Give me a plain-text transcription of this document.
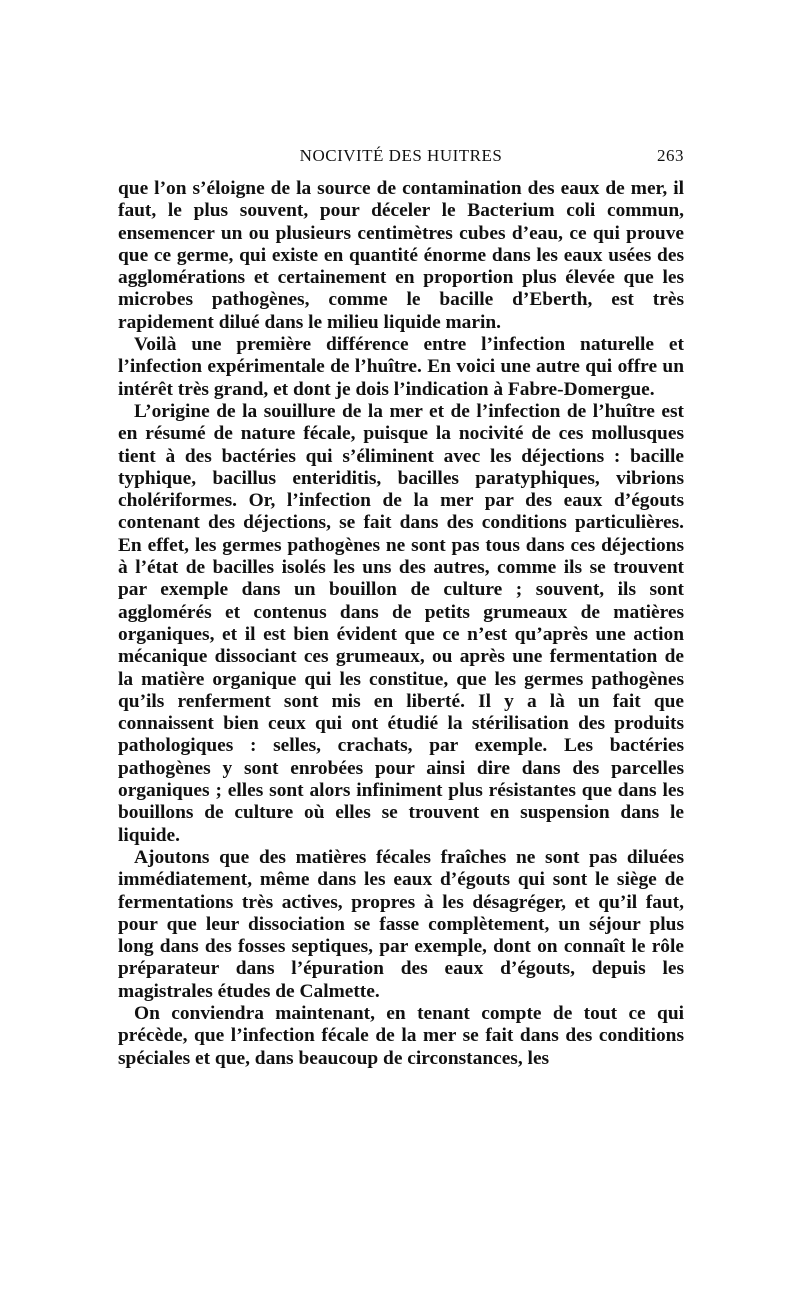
NOCIVITÉ DES HUITRES	263

que l’on s’éloigne de la source de contamination des eaux de mer, il faut, le plus souvent, pour déceler le Bacterium coli commun, ensemencer un ou plusieurs centimètres cubes d’eau, ce qui prouve que ce germe, qui existe en quantité énorme dans les eaux usées des agglomérations et certainement en proportion plus élevée que les microbes pathogènes, comme le bacille d’Eberth, est très rapidement dilué dans le milieu liquide marin.

Voilà une première différence entre l’infection naturelle et l’infection expérimentale de l’huître. En voici une autre qui offre un intérêt très grand, et dont je dois l’indication à Fabre-Domergue.

L’origine de la souillure de la mer et de l’infection de l’huître est en résumé de nature fécale, puisque la nocivité de ces mollusques tient à des bactéries qui s’éliminent avec les déjections : bacille typhique, bacillus enteriditis, bacilles paratyphiques, vibrions cholériformes. Or, l’infection de la mer par des eaux d’égouts contenant des déjections, se fait dans des conditions particulières. En effet, les germes pathogènes ne sont pas tous dans ces déjections à l’état de bacilles isolés les uns des autres, comme ils se trouvent par exemple dans un bouillon de culture ; souvent, ils sont agglomérés et contenus dans de petits grumeaux de matières organiques, et il est bien évident que ce n’est qu’après une action mécanique dissociant ces grumeaux, ou après une fermentation de la matière organique qui les constitue, que les germes pathogènes qu’ils renferment sont mis en liberté. Il y a là un fait que connaissent bien ceux qui ont étudié la stérilisation des produits pathologiques : selles, crachats, par exemple. Les bactéries pathogènes y sont enrobées pour ainsi dire dans des parcelles organiques ; elles sont alors infiniment plus résistantes que dans les bouillons de culture où elles se trouvent en suspension dans le liquide.

Ajoutons que des matières fécales fraîches ne sont pas diluées immédiatement, même dans les eaux d’égouts qui sont le siège de fermentations très actives, propres à les désagréger, et qu’il faut, pour que leur dissociation se fasse complètement, un séjour plus long dans des fosses septiques, par exemple, dont on connaît le rôle préparateur dans l’épuration des eaux d’égouts, depuis les magistrales études de Calmette.

On conviendra maintenant, en tenant compte de tout ce qui précède, que l’infection fécale de la mer se fait dans des conditions spéciales et que, dans beaucoup de circonstances, les
